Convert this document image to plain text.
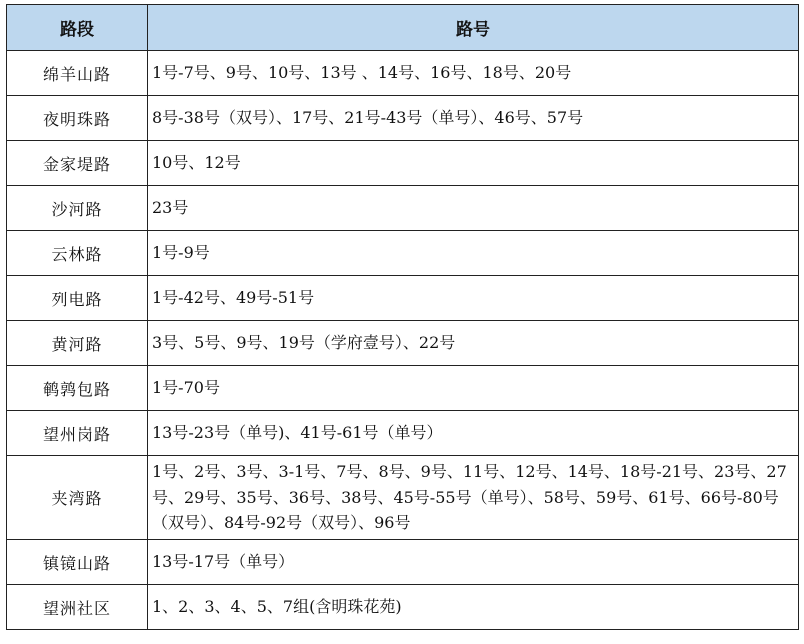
路段	路号
绵羊山路	1号-7号、9号、10号、13号 、14号、16号、18号、20号
夜明珠路	8号-38号（双号）、17号、21号-43号（单号）、46号、57号
金家堤路	10号、12号
沙河路	23号
云林路	1号-9号
列电路	1号-42号、49号-51号
黄河路	3号、5号、9号、19号（学府壹号）、22号
鹌鹑包路	1号-70号
望州岗路	13号-23号（单号)、41号-61号（单号）
夹湾路	1号、2号、3号、3-1号、7号、8号、9号、11号、12号、14号、18号-21号、23号、27号、29号、35号、36号、38号、45号-55号（单号）、58号、59号、61号、66号-80号（双号）、84号-92号（双号）、96号
镇镜山路	13号-17号（单号）
望洲社区	1、2、3、4、5、7组(含明珠花苑)
